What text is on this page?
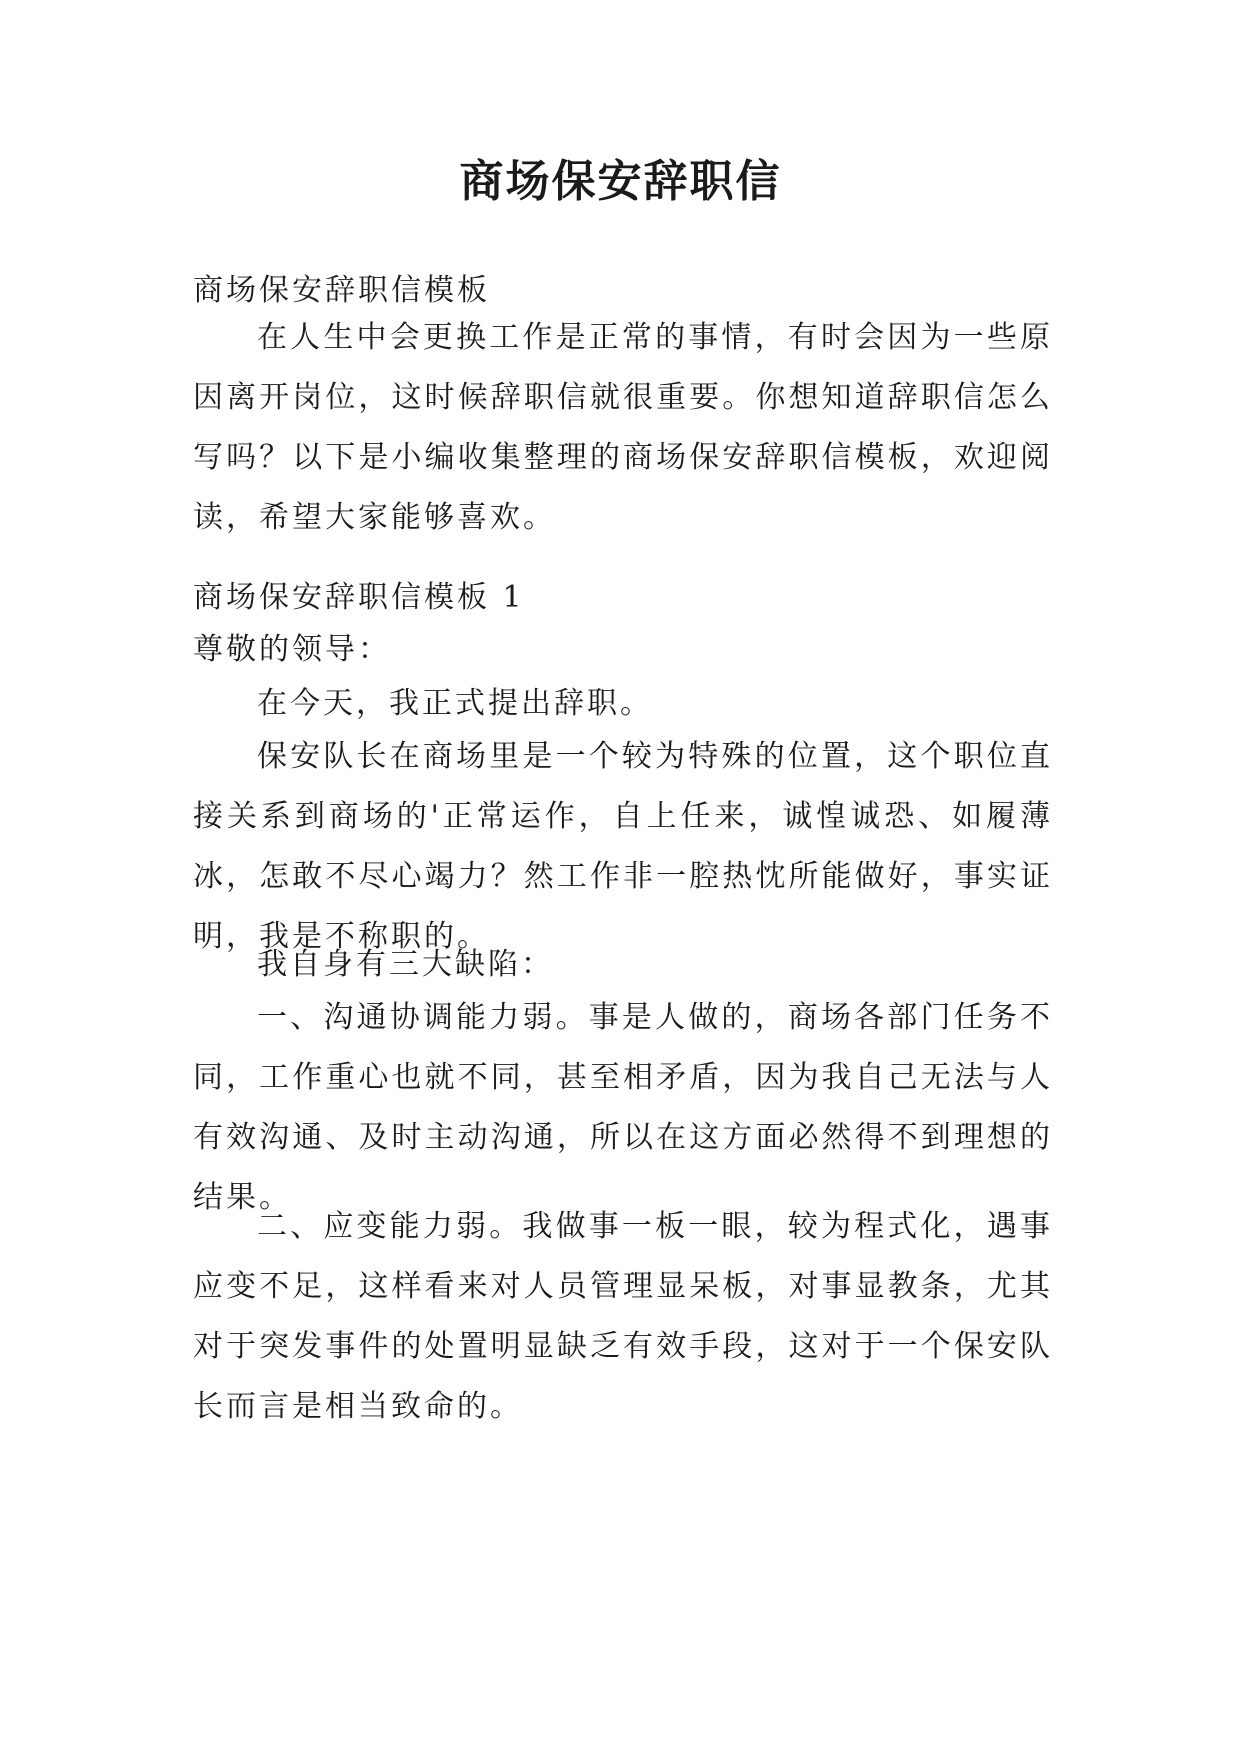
商场保安辞职信

商场保安辞职信模板

在人生中会更换工作是正常的事情，有时会因为一些原因离开岗位，这时候辞职信就很重要。你想知道辞职信怎么写吗？以下是小编收集整理的商场保安辞职信模板，欢迎阅读，希望大家能够喜欢。

商场保安辞职信模板 1

尊敬的领导：

在今天，我正式提出辞职。

保安队长在商场里是一个较为特殊的位置，这个职位直接关系到商场的'正常运作，自上任来，诚惶诚恐、如履薄冰，怎敢不尽心竭力？然工作非一腔热忱所能做好，事实证明，我是不称职的。

我自身有三大缺陷：

一、沟通协调能力弱。事是人做的，商场各部门任务不同，工作重心也就不同，甚至相矛盾，因为我自己无法与人有效沟通、及时主动沟通，所以在这方面必然得不到理想的结果。

二、应变能力弱。我做事一板一眼，较为程式化，遇事应变不足，这样看来对人员管理显呆板，对事显教条，尤其对于突发事件的处置明显缺乏有效手段，这对于一个保安队长而言是相当致命的。
